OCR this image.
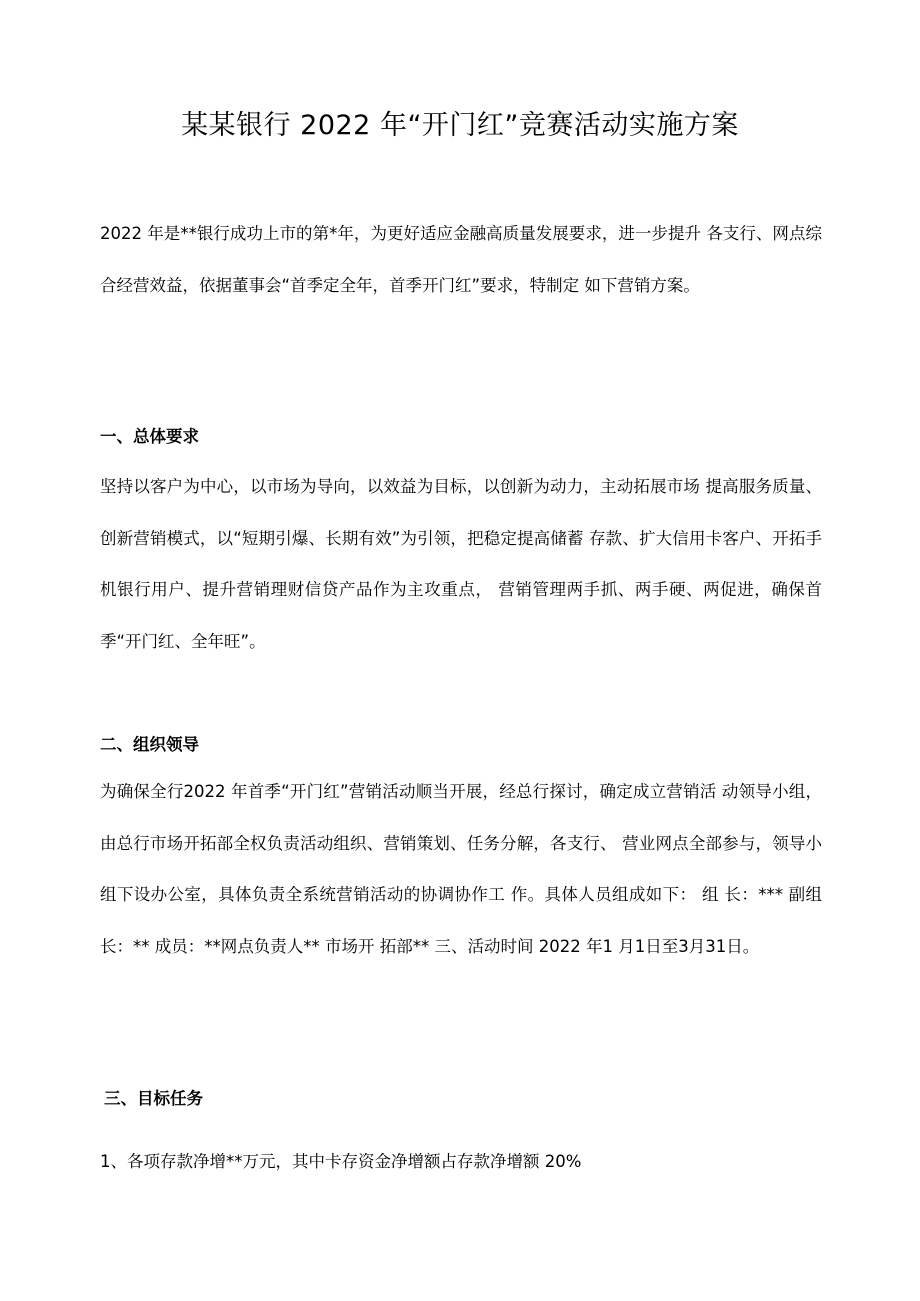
某某银行 2022 年“开门红”竞赛活动实施方案

2022 年是**银行成功上市的第*年，为更好适应金融高质量发展要求，进一步提升 各支行、网点综合经营效益，依据董事会“首季定全年，首季开门红”要求，特制定 如下营销方案。

一、总体要求

坚持以客户为中心，以市场为导向，以效益为目标，以创新为动力，主动拓展市场 提高服务质量、创新营销模式，以“短期引爆、长期有效”为引领，把稳定提高储蓄 存款、扩大信用卡客户、开拓手机银行用户、提升营销理财信贷产品作为主攻重点， 营销管理两手抓、两手硬、两促进，确保首季“开门红、全年旺”。

二、组织领导

为确保全行2022 年首季“开门红”营销活动顺当开展，经总行探讨，确定成立营销活 动领导小组，由总行市场开拓部全权负责活动组织、营销策划、任务分解，各支行、 营业网点全部参与，领导小组下设办公室，具体负责全系统营销活动的协调协作工 作。具体人员组成如下： 组 长：*** 副组长：** 成员：**网点负责人** 市场开 拓部** 三、活动时间 2022 年1 月1日至3月31日。

三、目标任务

1、各项存款净增**万元，其中卡存资金净增额占存款净增额 20%
